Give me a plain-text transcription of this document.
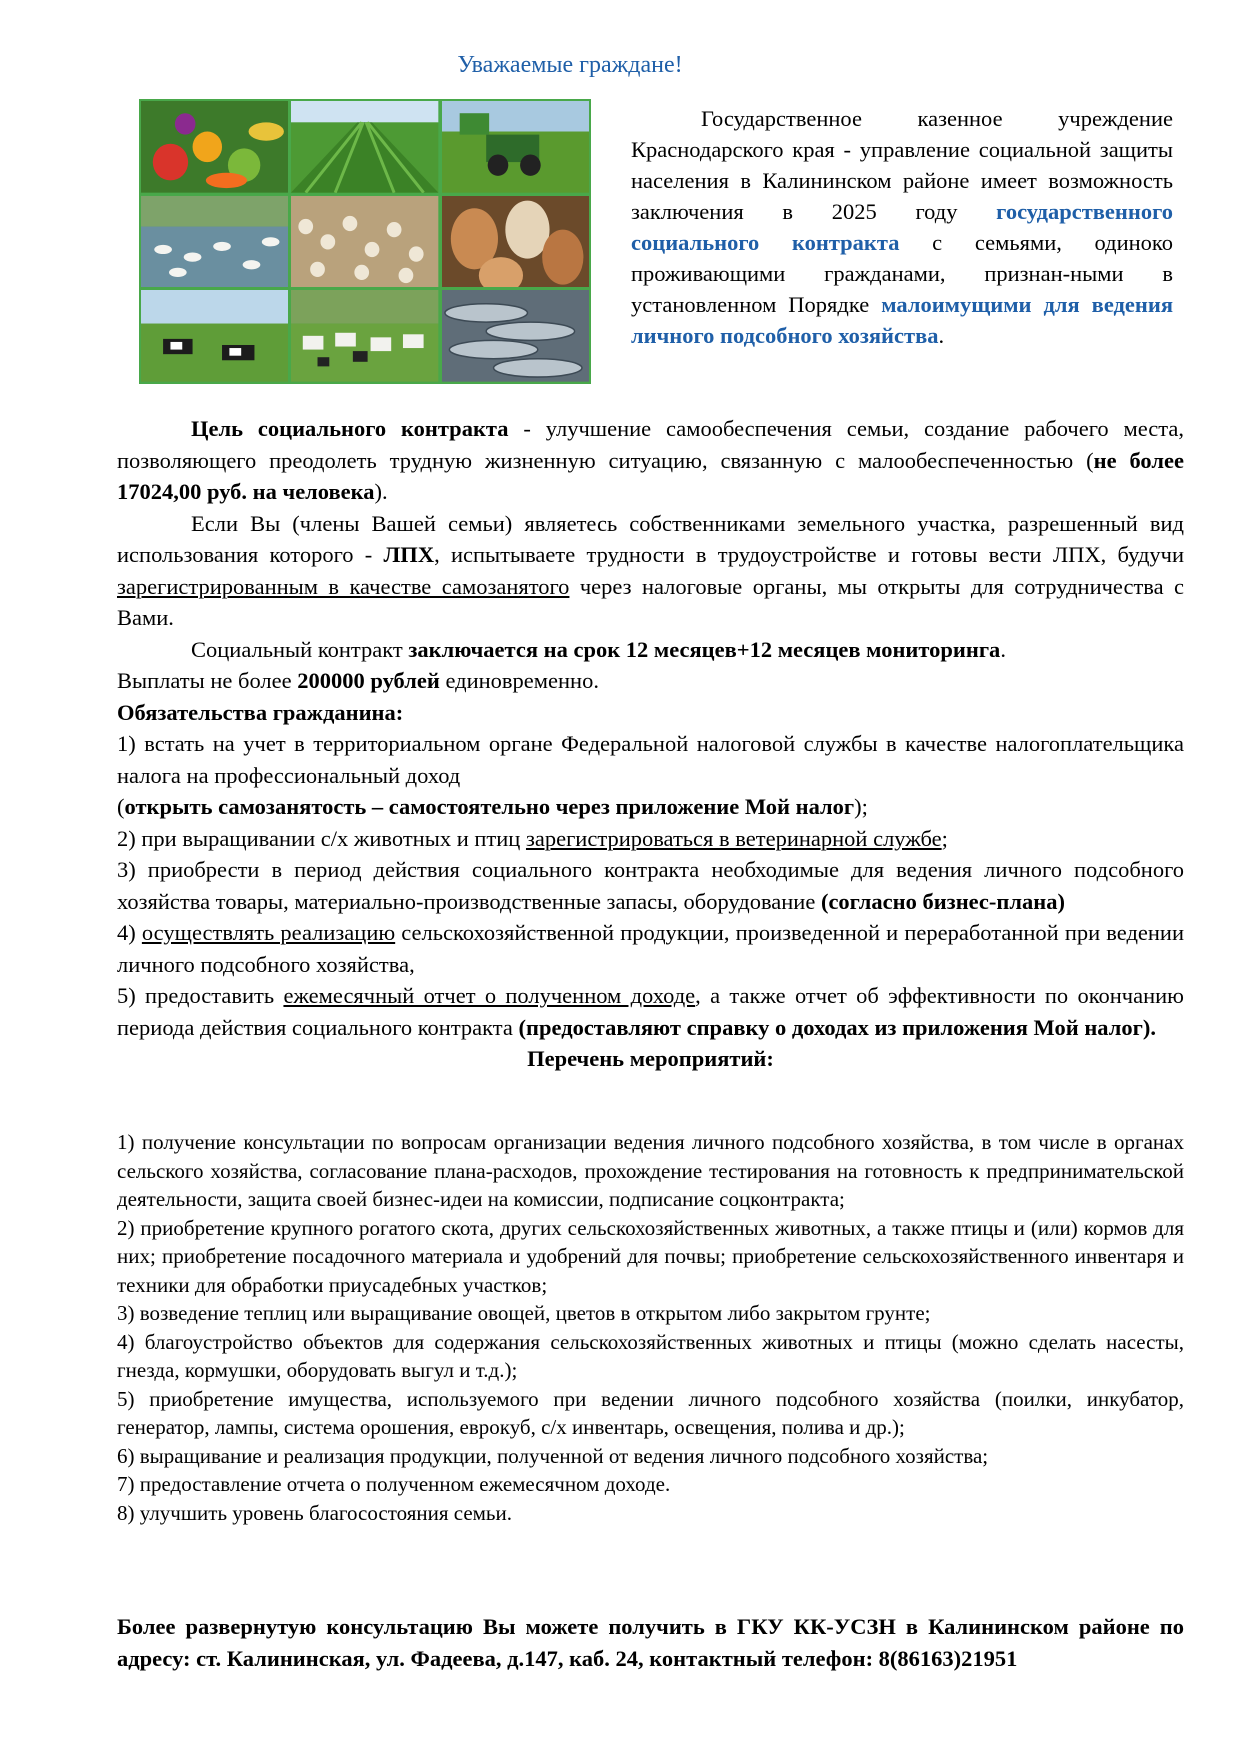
Уважаемые граждане!
Государственное казенное учреждение Краснодарского края - управление социальной защиты населения в Калининском районе имеет возможность заключения в 2025 году государственного социального контракта с семьями, одиноко проживающими гражданами, признан-ными в установленном Порядке малоимущими для ведения личного подсобного хозяйства.

Цель социального контракта - улучшение самообеспечения семьи, создание рабочего места, позволяющего преодолеть трудную жизненную ситуацию, связанную с малообеспеченностью (не более 17024,00 руб. на человека).

Если Вы (члены Вашей семьи) являетесь собственниками земельного участка, разрешенный вид использования которого - ЛПХ, испытываете трудности в трудоустройстве и готовы вести ЛПХ, будучи зарегистрированным в качестве самозанятого через налоговые органы, мы открыты для сотрудничества с Вами.

Социальный контракт заключается на срок 12 месяцев+12 месяцев мониторинга.

Выплаты не более 200000 рублей единовременно.

Обязательства гражданина:

1) встать на учет в территориальном органе Федеральной налоговой службы в качестве налогоплательщика налога на профессиональный доход

(открыть самозанятость – самостоятельно через приложение Мой налог);

2) при выращивании с/х животных и птиц зарегистрироваться в ветеринарной службе;

3) приобрести в период действия социального контракта необходимые для ведения личного подсобного хозяйства товары, материально-производственные запасы, оборудование (согласно бизнес-плана)

4) осуществлять реализацию сельскохозяйственной продукции, произведенной и переработанной при ведении личного подсобного хозяйства,

5) предоставить ежемесячный отчет о полученном доходе, а также отчет об эффективности по окончанию периода действия социального контракта (предоставляют справку о доходах из приложения Мой налог).

Перечень мероприятий:

1) получение консультации по вопросам организации ведения личного подсобного хозяйства, в том числе в органах сельского хозяйства, согласование плана-расходов, прохождение тестирования на готовность к предпринимательской деятельности, защита своей бизнес-идеи на комиссии, подписание соцконтракта;

2) приобретение крупного рогатого скота, других сельскохозяйственных животных, а также птицы и (или) кормов для них; приобретение посадочного материала и удобрений для почвы; приобретение сельскохозяйственного инвентаря и техники для обработки приусадебных участков;

3) возведение теплиц или выращивание овощей, цветов в открытом либо закрытом грунте;

4) благоустройство объектов для содержания сельскохозяйственных животных и птицы (можно сделать насесты, гнезда, кормушки, оборудовать выгул и т.д.);

5) приобретение имущества, используемого при ведении личного подсобного хозяйства (поилки, инкубатор, генератор, лампы, система орошения, еврокуб, с/х инвентарь, освещения, полива и др.);

6) выращивание и реализация продукции, полученной от ведения личного подсобного хозяйства;

7) предоставление отчета о полученном ежемесячном доходе.

8) улучшить уровень благосостояния семьи.

Более развернутую консультацию Вы можете получить в ГКУ КК-УСЗН в Калининском районе по адресу: ст. Калининская, ул. Фадеева, д.147, каб. 24, контактный телефон: 8(86163)21951
